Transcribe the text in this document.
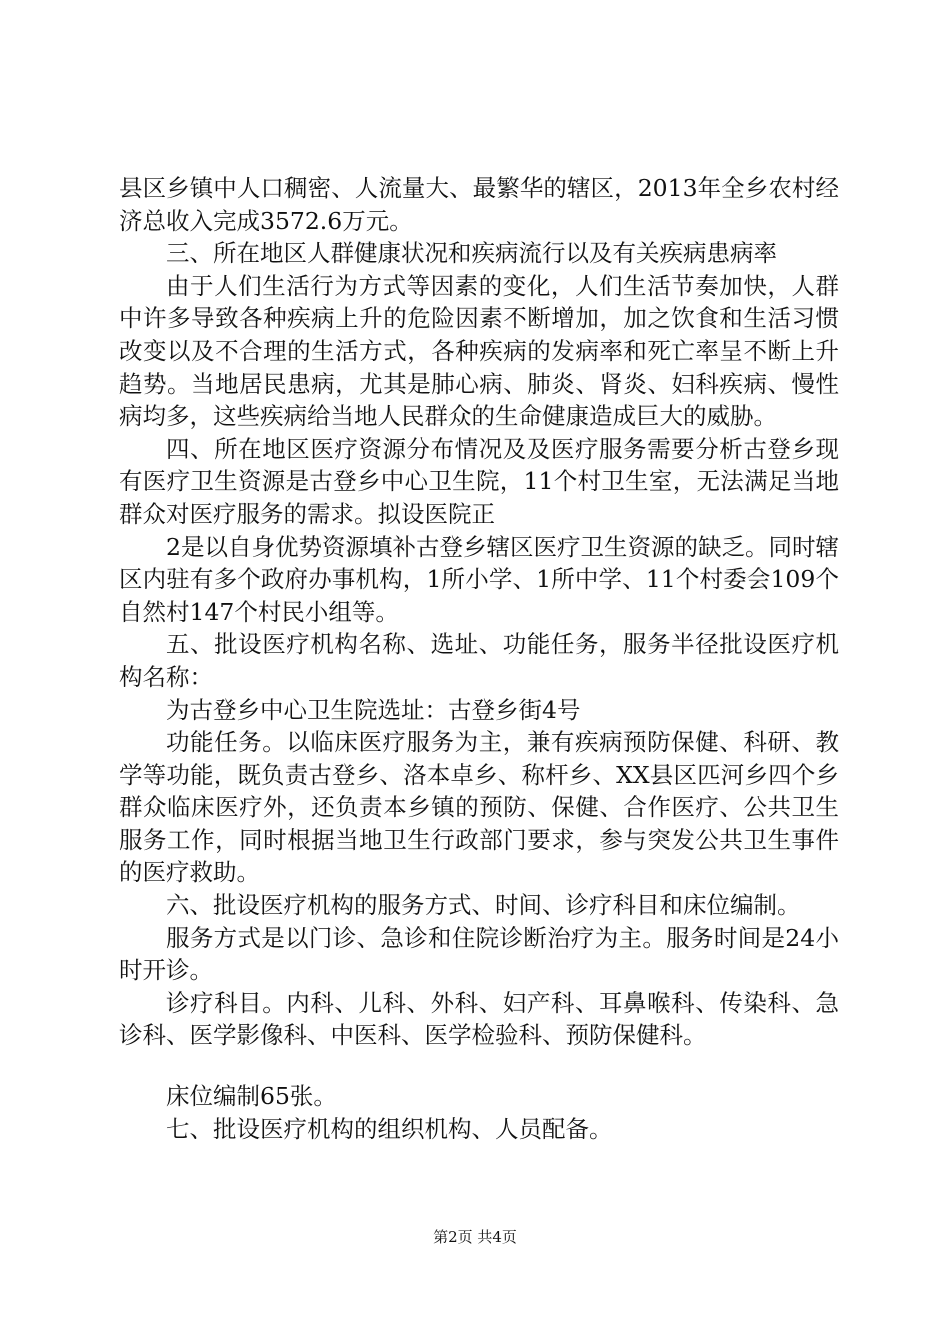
县区乡镇中人口稠密、人流量大、最繁华的辖区，2013年全乡农村经济总收入完成3572.6万元。

三、所在地区人群健康状况和疾病流行以及有关疾病患病率

由于人们生活行为方式等因素的变化，人们生活节奏加快，人群中许多导致各种疾病上升的危险因素不断增加，加之饮食和生活习惯改变以及不合理的生活方式，各种疾病的发病率和死亡率呈不断上升趋势。当地居民患病，尤其是肺心病、肺炎、肾炎、妇科疾病、慢性病均多，这些疾病给当地人民群众的生命健康造成巨大的威胁。

四、所在地区医疗资源分布情况及及医疗服务需要分析古登乡现有医疗卫生资源是古登乡中心卫生院，11个村卫生室，无法满足当地群众对医疗服务的需求。拟设医院正

2是以自身优势资源填补古登乡辖区医疗卫生资源的缺乏。同时辖区内驻有多个政府办事机构，1所小学、1所中学、11个村委会109个自然村147个村民小组等。

五、批设医疗机构名称、选址、功能任务，服务半径批设医疗机构名称：

为古登乡中心卫生院选址：古登乡街4号

功能任务。以临床医疗服务为主，兼有疾病预防保健、科研、教学等功能，既负责古登乡、洛本卓乡、称杆乡、XX县区匹河乡四个乡群众临床医疗外，还负责本乡镇的预防、保健、合作医疗、公共卫生服务工作，同时根据当地卫生行政部门要求，参与突发公共卫生事件的医疗救助。

六、批设医疗机构的服务方式、时间、诊疗科目和床位编制。

服务方式是以门诊、急诊和住院诊断治疗为主。服务时间是24小时开诊。

诊疗科目。内科、儿科、外科、妇产科、耳鼻喉科、传染科、急诊科、医学影像科、中医科、医学检验科、预防保健科。

床位编制65张。

七、批设医疗机构的组织机构、人员配备。

第2页 共4页
